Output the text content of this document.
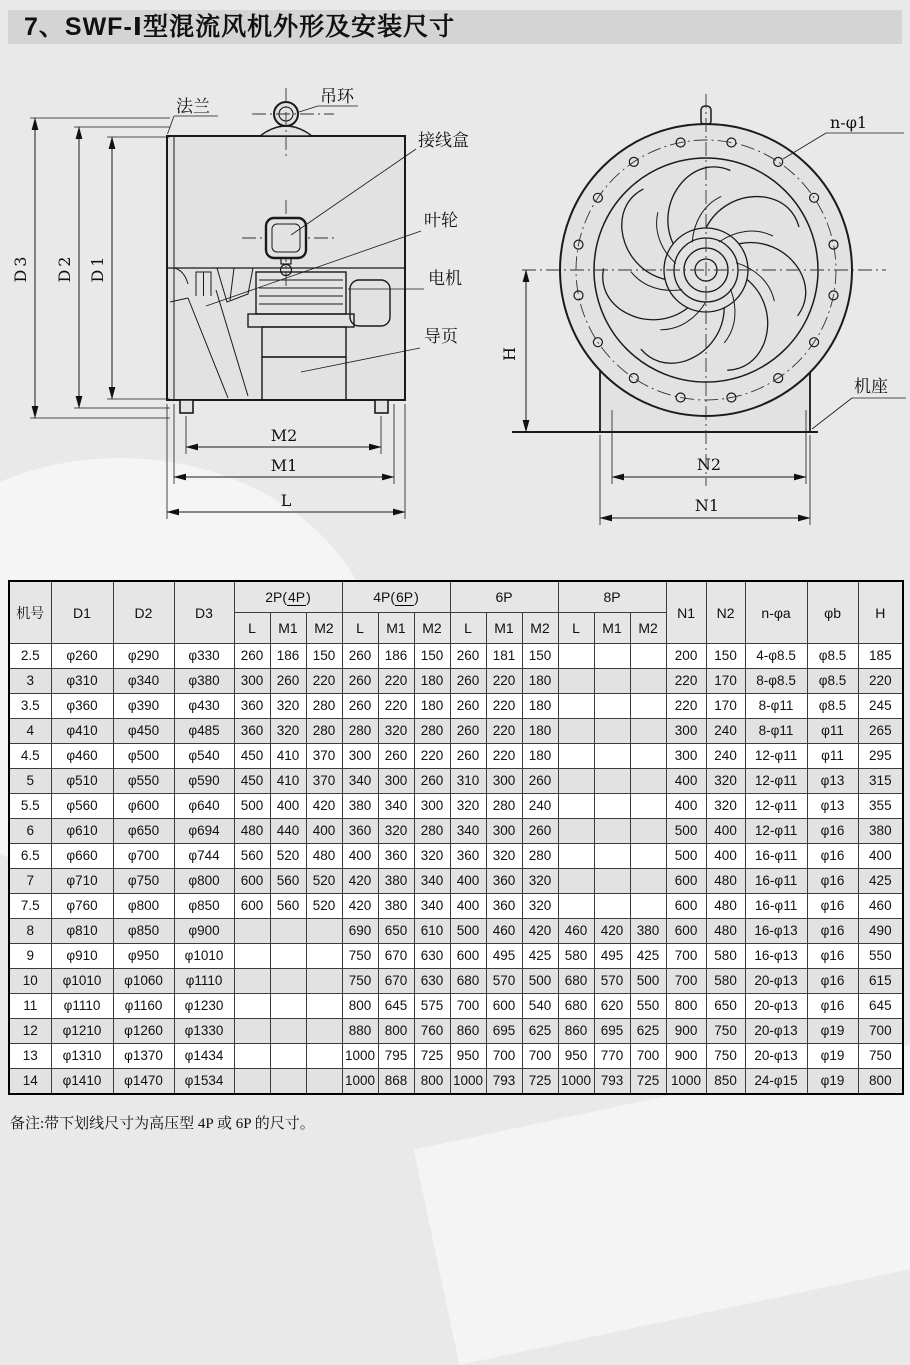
7、SWF-Ⅰ型混流风机外形及安装尺寸
D1
D2
D3
M2
M1
L
法兰
吊环
接线盒
叶轮
电机
导页
H
N2
N1
n-φ1
机座
机号	D1	D2	D3	2P(4P)			4P(6P)			6P			8P			N1	N2	n-φa	φb	H
				L	M1	M2	L	M1	M2	L	M1	M2	L	M1	M2					
2.5	φ260	φ290	φ330	260	186	150	260	186	150	260	181	150				200	150	4-φ8.5	φ8.5	185
3	φ310	φ340	φ380	300	260	220	260	220	180	260	220	180				220	170	8-φ8.5	φ8.5	220
3.5	φ360	φ390	φ430	360	320	280	260	220	180	260	220	180				220	170	8-φ11	φ8.5	245
4	φ410	φ450	φ485	360	320	280	280	320	280	260	220	180				300	240	8-φ11	φ11	265
4.5	φ460	φ500	φ540	450	410	370	300	260	220	260	220	180				300	240	12-φ11	φ11	295
5	φ510	φ550	φ590	450	410	370	340	300	260	310	300	260				400	320	12-φ11	φ13	315
5.5	φ560	φ600	φ640	500	400	420	380	340	300	320	280	240				400	320	12-φ11	φ13	355
6	φ610	φ650	φ694	480	440	400	360	320	280	340	300	260				500	400	12-φ11	φ16	380
6.5	φ660	φ700	φ744	560	520	480	400	360	320	360	320	280				500	400	16-φ11	φ16	400
7	φ710	φ750	φ800	600	560	520	420	380	340	400	360	320				600	480	16-φ11	φ16	425
7.5	φ760	φ800	φ850	600	560	520	420	380	340	400	360	320				600	480	16-φ11	φ16	460
8	φ810	φ850	φ900				690	650	610	500	460	420	460	420	380	600	480	16-φ13	φ16	490
9	φ910	φ950	φ1010				750	670	630	600	495	425	580	495	425	700	580	16-φ13	φ16	550
10	φ1010	φ1060	φ1110				750	670	630	680	570	500	680	570	500	700	580	20-φ13	φ16	615
11	φ1110	φ1160	φ1230				800	645	575	700	600	540	680	620	550	800	650	20-φ13	φ16	645
12	φ1210	φ1260	φ1330				880	800	760	860	695	625	860	695	625	900	750	20-φ13	φ19	700
13	φ1310	φ1370	φ1434				1000	795	725	950	700	700	950	770	700	900	750	20-φ13	φ19	750
14	φ1410	φ1470	φ1534				1000	868	800	1000	793	725	1000	793	725	1000	850	24-φ15	φ19	800
备注:带下划线尺寸为高压型 4P 或 6P 的尺寸。
